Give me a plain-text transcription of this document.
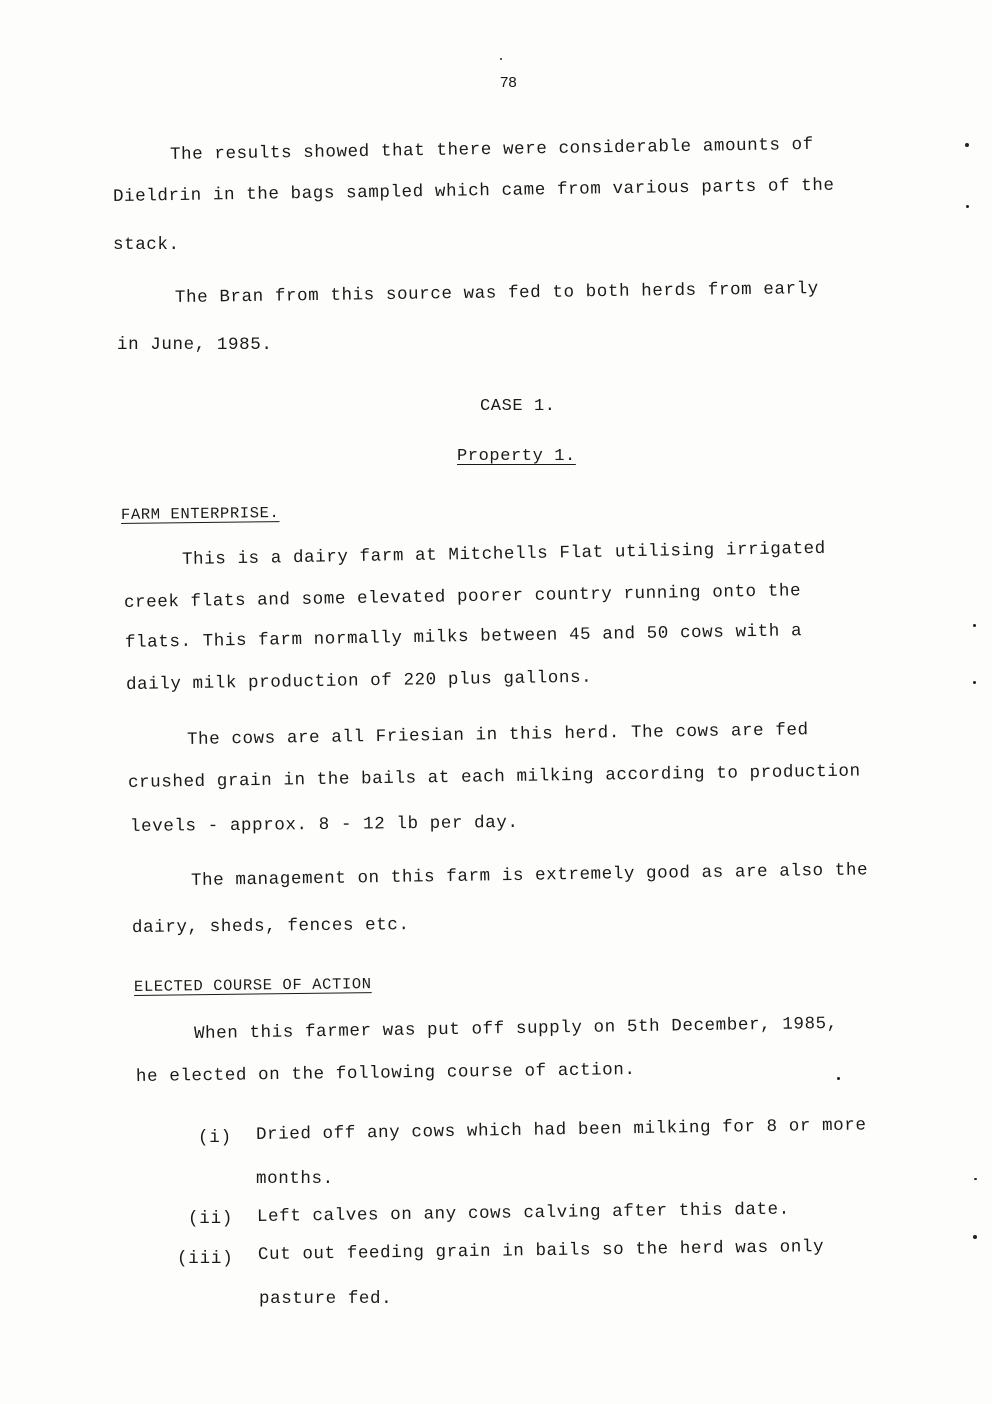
78
The results showed that there were considerable amounts of
Dieldrin in the bags sampled which came from various parts of the
stack.
The Bran from this source was fed to both herds from early
in June, 1985.
CASE 1.
Property 1.
FARM ENTERPRISE.
This is a dairy farm at Mitchells Flat utilising irrigated
creek flats and some elevated poorer country running onto the
flats. This farm normally milks between 45 and 50 cows with a
daily milk production of 220 plus gallons.
The cows are all Friesian in this herd. The cows are fed
crushed grain in the bails at each milking according to production
levels - approx. 8 - 12 lb per day.
The management on this farm is extremely good as are also the
dairy, sheds, fences etc.
ELECTED COURSE OF ACTION
When this farmer was put off supply on 5th December, 1985,
he elected on the following course of action.
(i) Dried off any cows which had been milking for 8 or more
months.
(ii) Left calves on any cows calving after this date.
(iii) Cut out feeding grain in bails so the herd was only
pasture fed.
